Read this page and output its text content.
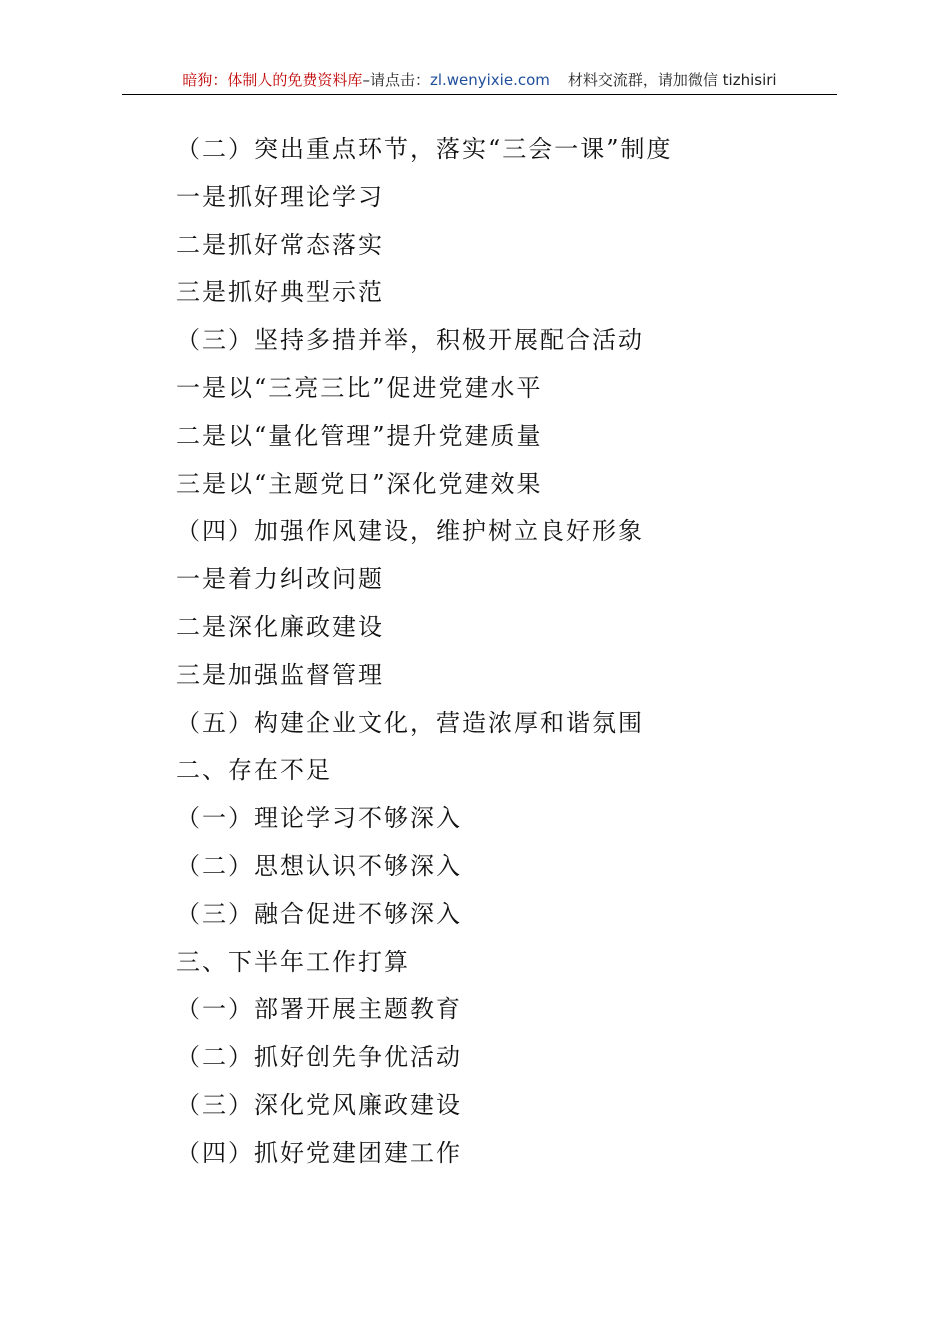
暗狗：体制人的免费资料库–请点击：zl.wenyixie.com 材料交流群，请加微信 tizhisiri
（二）突出重点环节，落实“三会一课”制度
一是抓好理论学习
二是抓好常态落实
三是抓好典型示范
（三）坚持多措并举，积极开展配合活动
一是以“三亮三比”促进党建水平
二是以“量化管理”提升党建质量
三是以“主题党日”深化党建效果
（四）加强作风建设，维护树立良好形象
一是着力纠改问题
二是深化廉政建设
三是加强监督管理
（五）构建企业文化，营造浓厚和谐氛围
二、存在不足
（一）理论学习不够深入
（二）思想认识不够深入
（三）融合促进不够深入
三、下半年工作打算
（一）部署开展主题教育
（二）抓好创先争优活动
（三）深化党风廉政建设
（四）抓好党建团建工作
